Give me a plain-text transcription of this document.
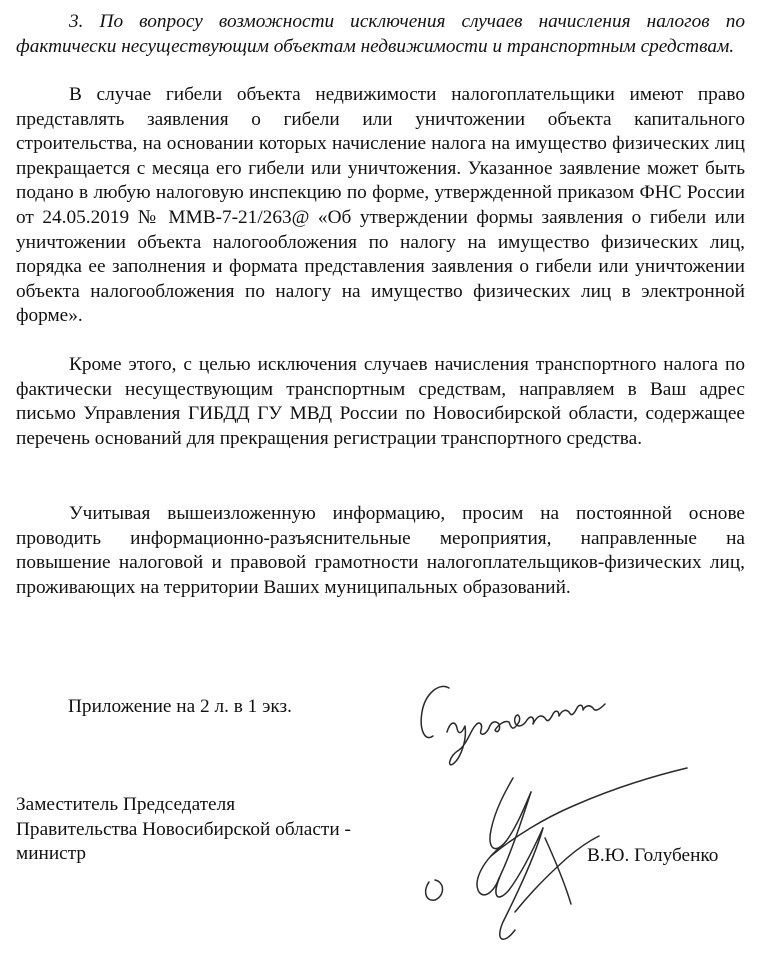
3. По вопросу возможности исключения случаев начисления налогов по фактически несуществующим объектам недвижимости и транспортным средствам.

В случае гибели объекта недвижимости налогоплательщики имеют право представлять заявления о гибели или уничтожении объекта капитального строительства, на основании которых начисление налога на имущество физических лиц прекращается с месяца его гибели или уничтожения. Указанное заявление может быть подано в любую налоговую инспекцию по форме, утвержденной приказом ФНС России от 24.05.2019 № ММВ-7-21/263@ «Об утверждении формы заявления о гибели или уничтожении объекта налогообложения по налогу на имущество физических лиц, порядка ее заполнения и формата представления заявления о гибели или уничтожении объекта налогообложения по налогу на имущество физических лиц в электронной форме».

Кроме этого, с целью исключения случаев начисления транспортного налога по фактически несуществующим транспортным средствам, направляем в Ваш адрес письмо Управления ГИБДД ГУ МВД России по Новосибирской области, содержащее перечень оснований для прекращения регистрации транспортного средства.

Учитывая вышеизложенную информацию, просим на постоянной основе проводить информационно-разъяснительные мероприятия, направленные на повышение налоговой и правовой грамотности налогоплательщиков-физических лиц, проживающих на территории Ваших муниципальных образований.

Приложение на 2 л. в 1 экз.

Заместитель Председателя
Правительства Новосибирской области -
министр	В.Ю. Голубенко
